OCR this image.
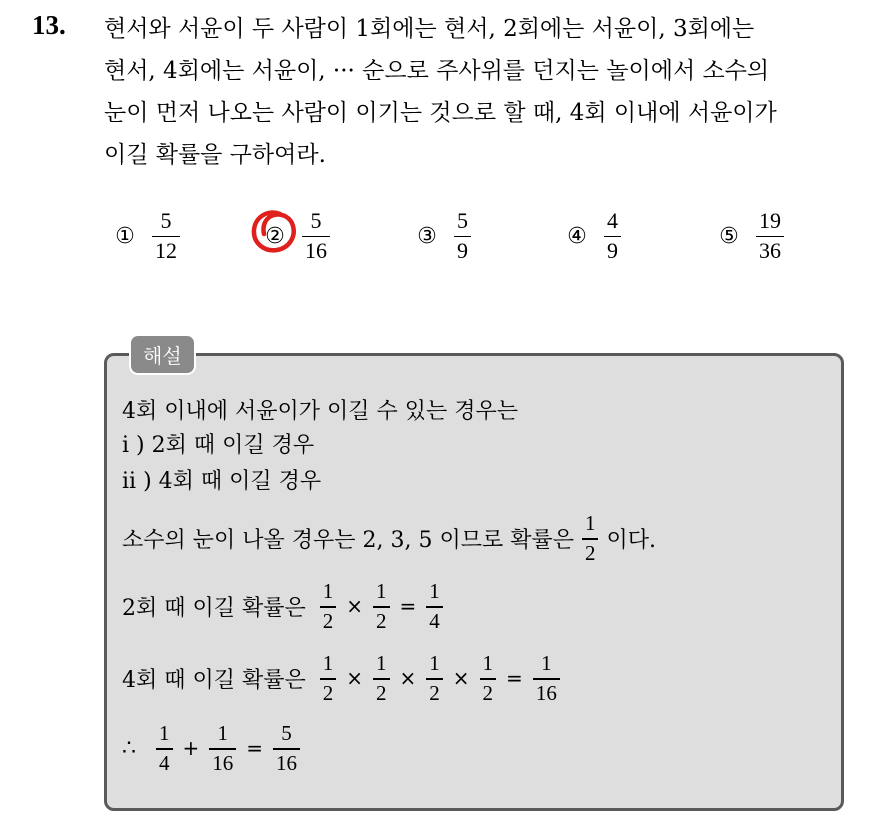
13. 현서와 서윤이 두 사람이 1회에는 현서, 2회에는 서윤이, 3회에는
현서, 4회에는 서윤이, ··· 순으로 주사위를 던지는 놀이에서 소수의
눈이 먼저 나오는 사람이 이기는 것으로 할 때, 4회 이내에 서윤이가
이길 확률을 구하여라.
① $\frac{5}{12}$	② $\frac{5}{16}$	③ $\frac{5}{9}$	④ $\frac{4}{9}$	⑤ $\frac{19}{36}$
해설
4회 이내에 서윤이가 이길 수 있는 경우는
i ) 2회 때 이길 경우
ii ) 4회 때 이길 경우
소수의 눈이 나올 경우는 2, 3, 5 이므로 확률은 $\frac{1}{2}$ 이다.
2회 때 이길 확률은 $\frac{1}{2} \times \frac{1}{2} = \frac{1}{4}$
4회 때 이길 확률은 $\frac{1}{2} \times \frac{1}{2} \times \frac{1}{2} \times \frac{1}{2} = \frac{1}{16}$
∴ $\frac{1}{4} + \frac{1}{16} = \frac{5}{16}$
